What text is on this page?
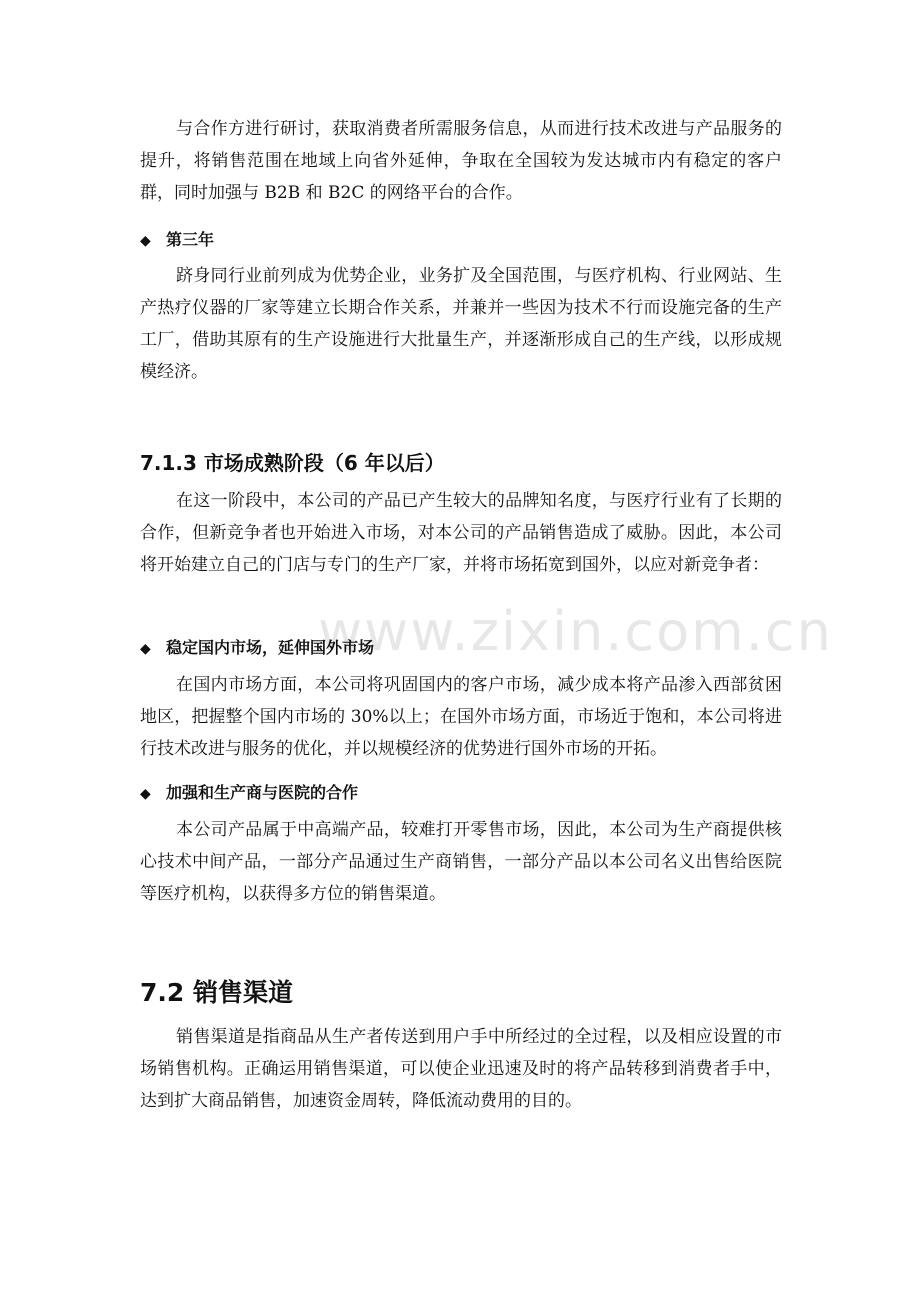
与合作方进行研讨，获取消费者所需服务信息，从而进行技术改进与产品服务的提升，将销售范围在地域上向省外延伸，争取在全国较为发达城市内有稳定的客户群，同时加强与 B2B 和 B2C 的网络平台的合作。

◆ 第三年

跻身同行业前列成为优势企业，业务扩及全国范围，与医疗机构、行业网站、生产热疗仪器的厂家等建立长期合作关系，并兼并一些因为技术不行而设施完备的生产工厂，借助其原有的生产设施进行大批量生产，并逐渐形成自己的生产线，以形成规模经济。

7.1.3 市场成熟阶段（6 年以后）

在这一阶段中，本公司的产品已产生较大的品牌知名度，与医疗行业有了长期的合作，但新竞争者也开始进入市场，对本公司的产品销售造成了威胁。因此，本公司将开始建立自己的门店与专门的生产厂家，并将市场拓宽到国外，以应对新竞争者：

◆ 稳定国内市场，延伸国外市场

在国内市场方面，本公司将巩固国内的客户市场，减少成本将产品渗入西部贫困地区，把握整个国内市场的 30%以上；在国外市场方面，市场近于饱和，本公司将进行技术改进与服务的优化，并以规模经济的优势进行国外市场的开拓。

◆ 加强和生产商与医院的合作

本公司产品属于中高端产品，较难打开零售市场，因此，本公司为生产商提供核心技术中间产品，一部分产品通过生产商销售，一部分产品以本公司名义出售给医院等医疗机构，以获得多方位的销售渠道。

7.2 销售渠道

销售渠道是指商品从生产者传送到用户手中所经过的全过程，以及相应设置的市场销售机构。正确运用销售渠道，可以使企业迅速及时的将产品转移到消费者手中，达到扩大商品销售，加速资金周转，降低流动费用的目的。

www.zixin.com.cn
